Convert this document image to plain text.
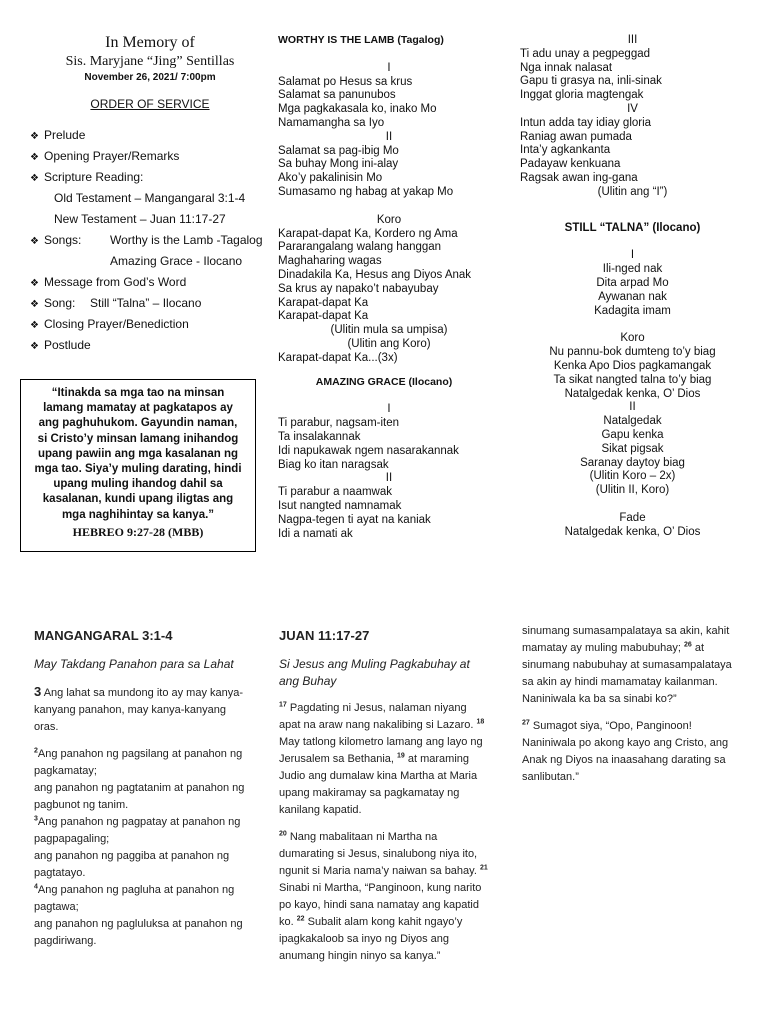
In Memory of
Sis. Maryjane “Jing” Sentillas
November 26, 2021/ 7:00pm
ORDER OF SERVICE
❖ Prelude
❖ Opening Prayer/Remarks
❖ Scripture Reading:
Old Testament – Mangangaral 3:1-4
New Testament – Juan 11:17-27
❖ Songs: Worthy is the Lamb -Tagalog
Amazing Grace - Ilocano
❖ Message from God’s Word
❖ Song: Still “Talna” – Ilocano
❖ Closing Prayer/Benediction
❖ Postlude
“Itinakda sa mga tao na minsan
lamang mamatay at pagkatapos ay
ang paghuhukom. Gayundin naman,
si Cristo’y minsan lamang inihandog
upang pawiin ang mga kasalanan ng
mga tao. Siya’y muling darating, hindi
upang muling ihandog dahil sa
kasalanan, kundi upang iligtas ang
mga naghihintay sa kanya.”
HEBREO 9:27-28 (MBB)
WORTHY IS THE LAMB (Tagalog)
I
Salamat po Hesus sa krus
Salamat sa panunubos
Mga pagkakasala ko, inako Mo
Namamangha sa Iyo
II
Salamat sa pag-ibig Mo
Sa buhay Mong ini-alay
Ako’y pakalinisin Mo
Sumasamo ng habag at yakap Mo
Koro
Karapat-dapat Ka, Kordero ng Ama
Pararangalang walang hanggan
Maghaharing wagas
Dinadakila Ka, Hesus ang Diyos Anak
Sa krus ay napako’t nabayubay
Karapat-dapat Ka
Karapat-dapat Ka
(Ulitin mula sa umpisa)
(Ulitin ang Koro)
Karapat-dapat Ka...(3x)
AMAZING GRACE (Ilocano)
I
Ti parabur, nagsam-iten
Ta insalakannak
Idi napukawak ngem nasarakannak
Biag ko itan naragsak
II
Ti parabur a naamwak
Isut nangted namnamak
Nagpa-tegen ti ayat na kaniak
Idi a namati ak
III
Ti adu unay a pegpeggad
Nga innak nalasat
Gapu ti grasya na, inli-sinak
Inggat gloria magtengak
IV
Intun adda tay idiay gloria
Raniag awan pumada
Inta’y agkankanta
Padayaw kenkuana
Ragsak awan ing-gana
(Ulitin ang “I”)
STILL “TALNA” (Ilocano)
I
Ili-nged nak
Dita arpad Mo
Aywanan nak
Kadagita imam
Koro
Nu pannu-bok dumteng to’y biag
Kenka Apo Dios pagkamangak
Ta sikat nangted talna to’y biag
Natalgedak kenka, O’ Dios
II
Natalgedak
Gapu kenka
Sikat pigsak
Saranay daytoy biag
(Ulitin Koro – 2x)
(Ulitin II, Koro)
Fade
Natalgedak kenka, O’ Dios
MANGANGARAL 3:1-4
May Takdang Panahon para sa Lahat

3 Ang lahat sa mundong ito ay may kanya-kanyang panahon, may kanya-kanyang oras.

$^2$Ang panahon ng pagsilang at panahon ng pagkamatay;
ang panahon ng pagtatanim at panahon ng pagbunot ng tanim.
$^3$Ang panahon ng pagpatay at panahon ng pagpapagaling;
ang panahon ng paggiba at panahon ng pagtatayo.
$^4$Ang panahon ng pagluha at panahon ng pagtawa;
ang panahon ng pagluluksa at panahon ng pagdiriwang.

JUAN 11:17-27
Si Jesus ang Muling Pagkabuhay at ang Buhay

$^{17}$ Pagdating ni Jesus, nalaman niyang apat na araw nang nakalibing si Lazaro. $^{18}$ May tatlong kilometro lamang ang layo ng Jerusalem sa Bethania, $^{19}$ at maraming Judio ang dumalaw kina Martha at Maria upang makiramay sa pagkamatay ng kanilang kapatid.

$^{20}$ Nang mabalitaan ni Martha na dumarating si Jesus, sinalubong niya ito, ngunit si Maria nama’y naiwan sa bahay. $^{21}$ Sinabi ni Martha, “Panginoon, kung narito po kayo, hindi sana namatay ang kapatid ko. $^{22}$ Subalit alam kong kahit ngayo’y ipagkakaloob sa inyo ng Diyos ang anumang hingin ninyo sa kanya.”

sinumang sumasampalataya sa akin, kahit mamatay ay muling mabubuhay; $^{26}$ at sinumang nabubuhay at sumasampalataya sa akin ay hindi mamamatay kailanman. Naniniwala ka ba sa sinabi ko?”

$^{27}$ Sumagot siya, “Opo, Panginoon! Naniniwala po akong kayo ang Cristo, ang Anak ng Diyos na inaasahang darating sa sanlibutan.”
